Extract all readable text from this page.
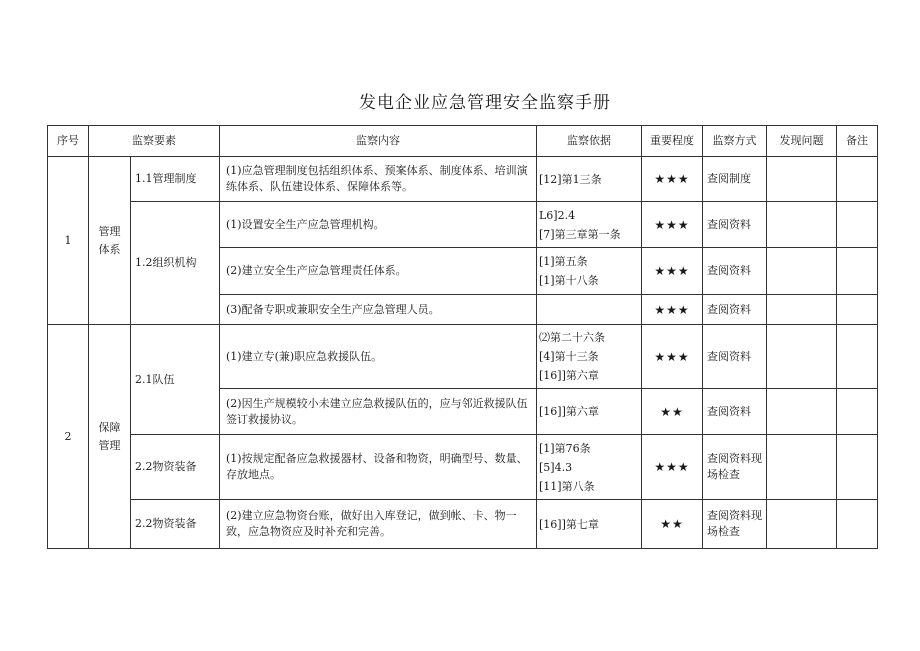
发电企业应急管理安全监察手册
序号	监察要素		监察内容	监察依据	重要程度	监察方式	发现问题	备注
1	管理体系	1.1管理制度	(1)应急管理制度包括组织体系、预案体系、制度体系、培训演练体系、队伍建设体系、保障体系等。	[12]第1三条	★★★	查阅制度		
		1.2组织机构	(1)设置安全生产应急管理机构。	L6]2.4
[7]第三章第一条	★★★	查阅资料		
			(2)建立安全生产应急管理责任体系。	[1]第五条
[1]第十八条	★★★	查阅资料		
			(3)配备专职或兼职安全生产应急管理人员。		★★★	查阅资料		
2	保障管理	2.1队伍	(1)建立专(兼)职应急救援队伍。	⑵第二十六条
[4]第十三条
[16]]第六章	★★★	查阅资料		
			(2)因生产规模较小未建立应急救援队伍的，应与邻近救援队伍签订救援协议。	[16]]第六章	★★	查阅资料		
		2.2物资装备	(1)按规定配备应急救援器材、设备和物资，明确型号、数量、存放地点。	[1]第76条
[5]4.3
[11]第八条	★★★	查阅资料现场检查		
		2.2物资装备	(2)建立应急物资台账，做好出入库登记，做到帐、卡、物一致，应急物资应及时补充和完善。	[16]]第七章	★★	查阅资料现场检查		
